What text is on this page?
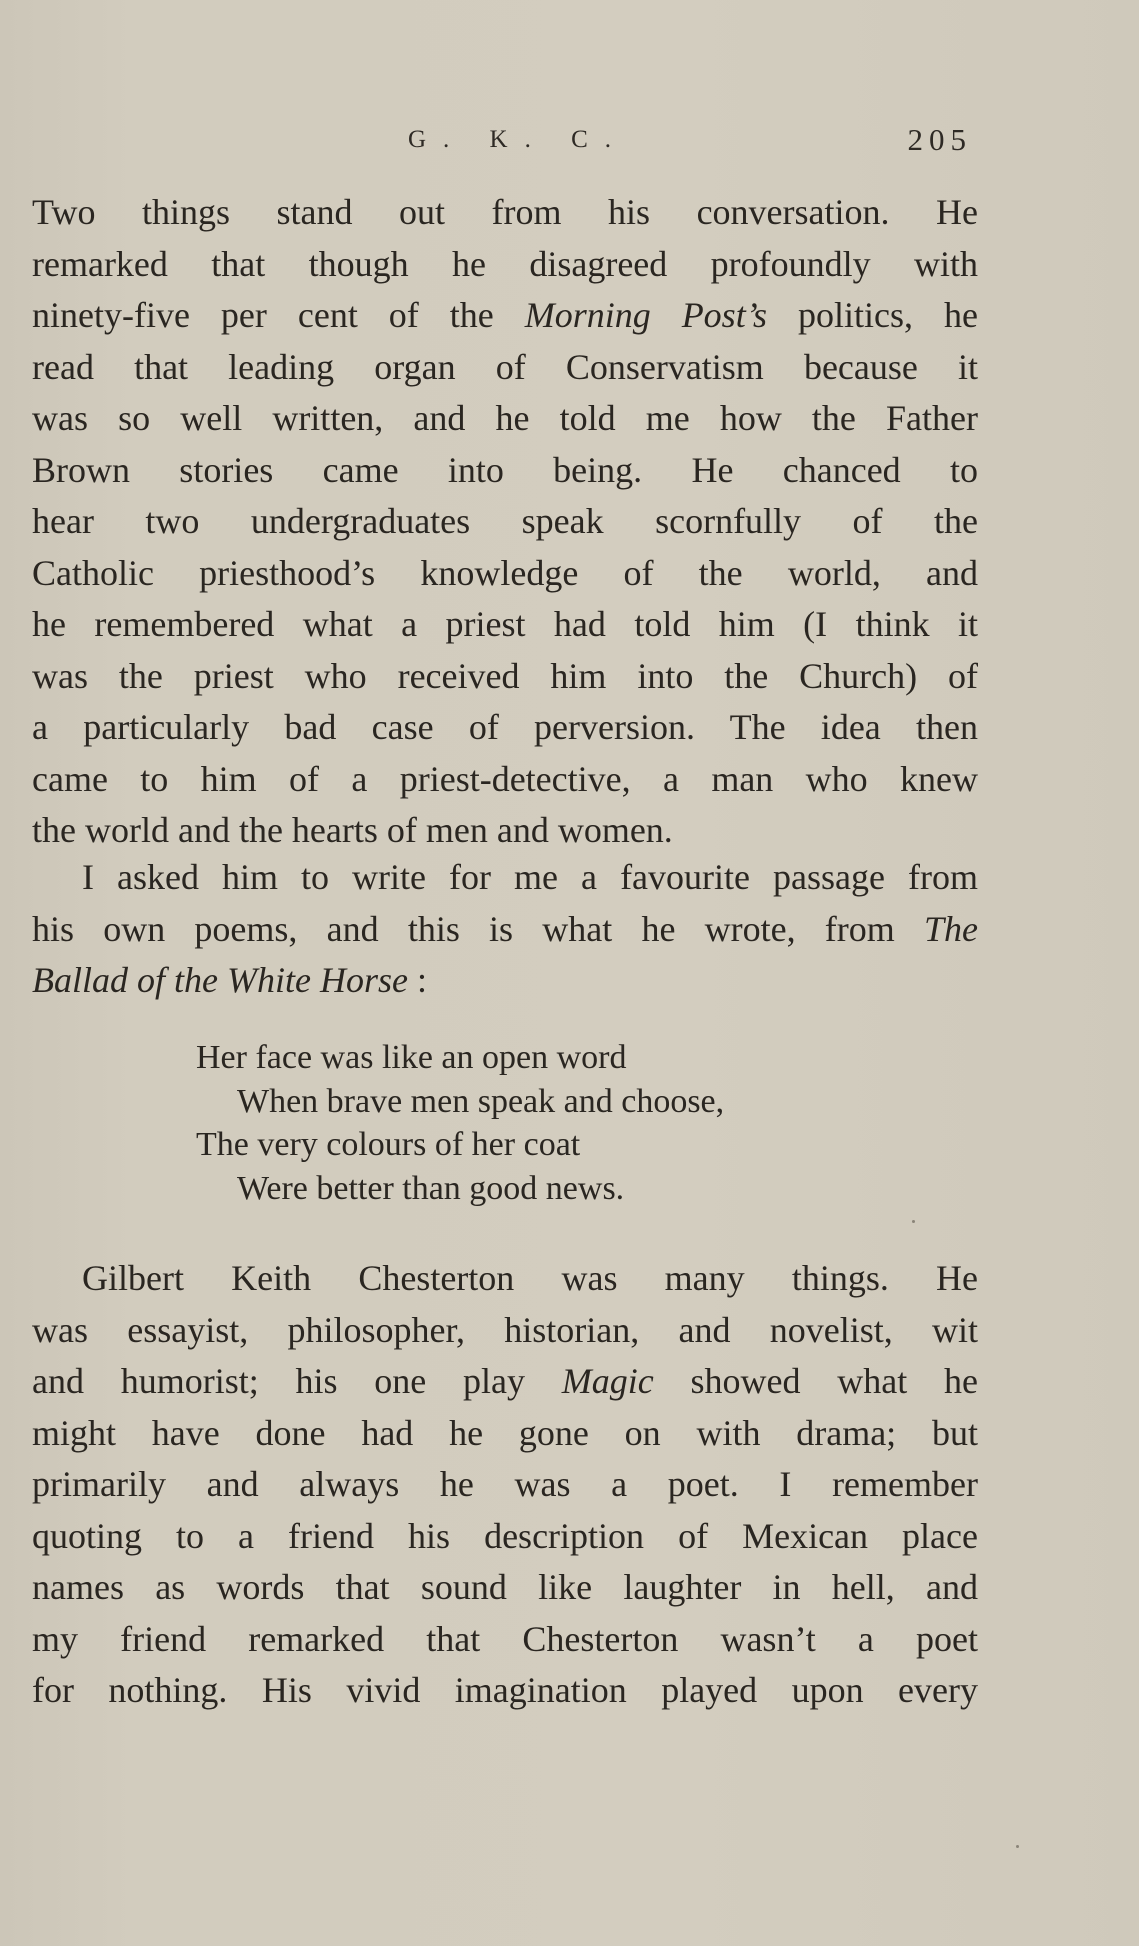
G. K. C.	205
Two things stand out from his conversation. He
remarked that though he disagreed profoundly with
ninety-five per cent of the Morning Post’s politics, he
read that leading organ of Conservatism because it
was so well written, and he told me how the Father
Brown stories came into being. He chanced to
hear two undergraduates speak scornfully of the
Catholic priesthood’s knowledge of the world, and
he remembered what a priest had told him (I think it
was the priest who received him into the Church) of
a particularly bad case of perversion. The idea then
came to him of a priest-detective, a man who knew
the world and the hearts of men and women.
I asked him to write for me a favourite passage from
his own poems, and this is what he wrote, from The
Ballad of the White Horse :
Her face was like an open word
When brave men speak and choose,
The very colours of her coat
Were better than good news.
Gilbert Keith Chesterton was many things. He
was essayist, philosopher, historian, and novelist, wit
and humorist; his one play Magic showed what he
might have done had he gone on with drama; but
primarily and always he was a poet. I remember
quoting to a friend his description of Mexican place
names as words that sound like laughter in hell, and
my friend remarked that Chesterton wasn’t a poet
for nothing. His vivid imagination played upon every
